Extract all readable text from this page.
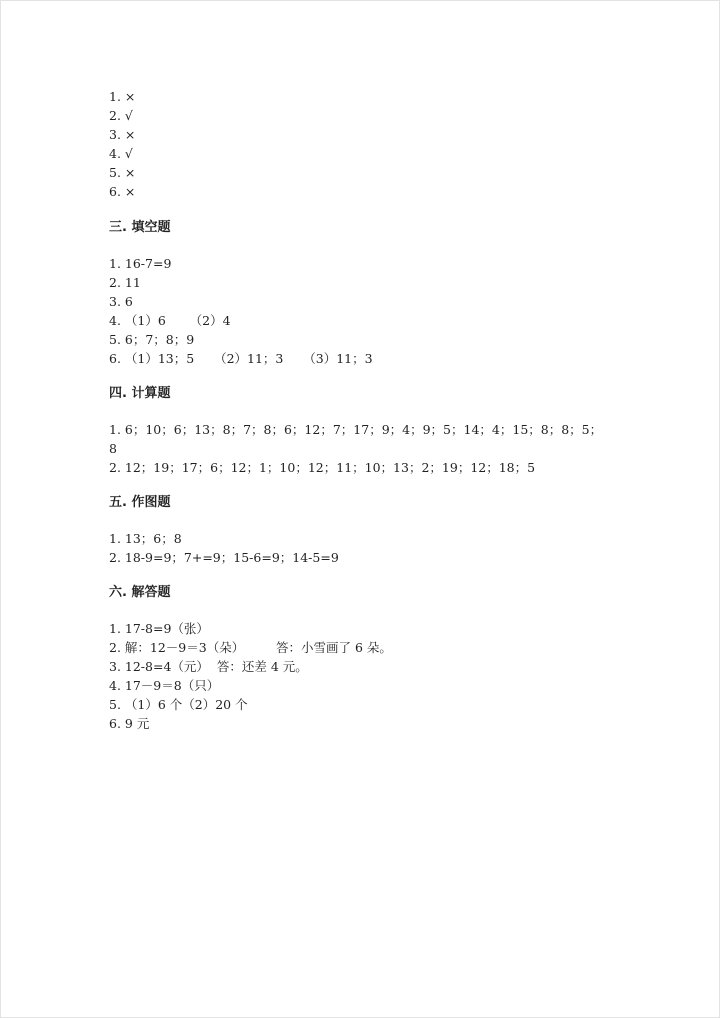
1. ×
2. √
3. ×
4. √
5. ×
6. ×
三. 填空题
1. 16-7=9
2. 11
3. 6
4. （1）6      （2）4
5. 6；7；8；9
6. （1）13；5     （2）11；3     （3）11；3
四. 计算题
1. 6；10；6；13；8；7；8；6；12；7；17；9；4；9；5；14；4；15；8；8；5；8
2. 12；19；17；6；12；1；10；12；11；10；13；2；19；12；18；5
五. 作图题
1. 13；6；8
2. 18-9=9；7+=9；15-6=9；14-5=9
六. 解答题
1. 17-8=9（张）
2. 解：12－9＝3（朵）        答：小雪画了 6 朵。
3. 12-8=4（元）  答：还差 4 元。
4. 17－9＝8（只）
5. （1）6 个（2）20 个
6. 9 元
